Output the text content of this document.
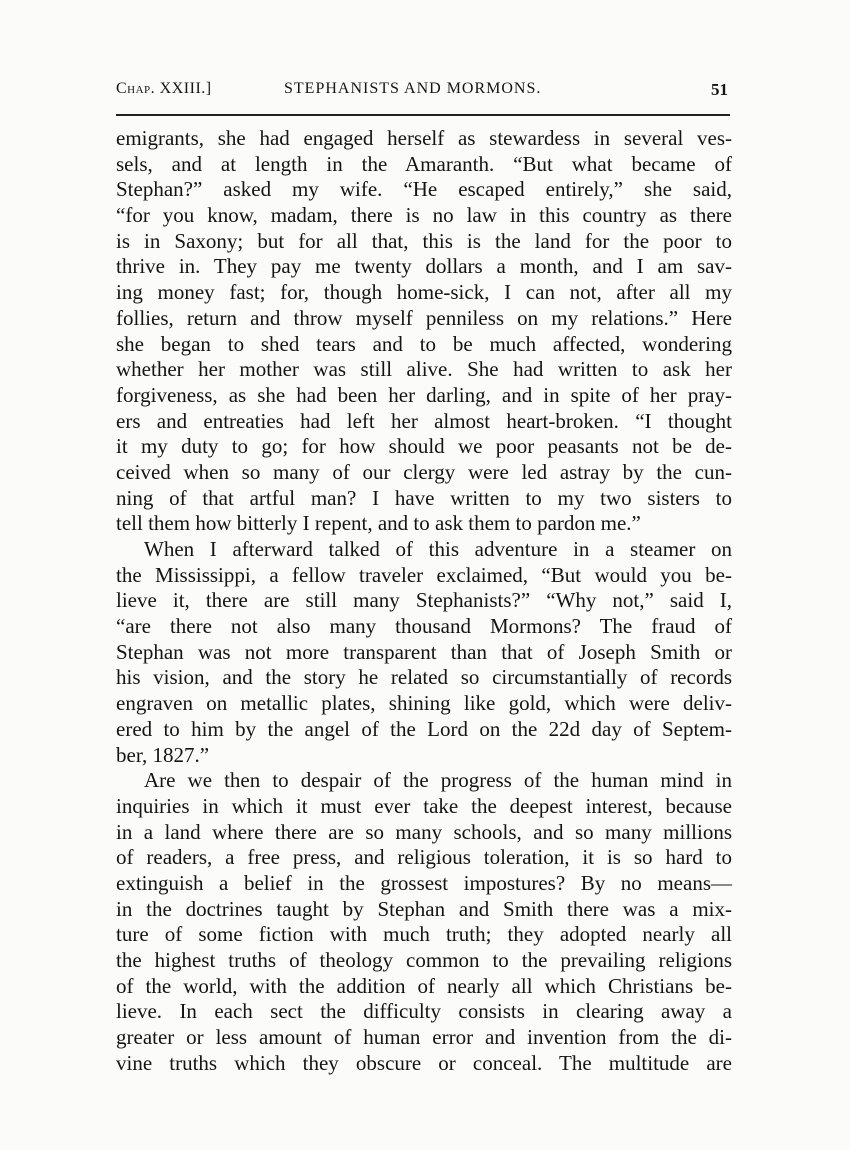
Chap. XXIII.]	STEPHANISTS AND MORMONS.	51
emigrants, she had engaged herself as stewardess in several ves-
sels, and at length in the Amaranth. “But what became of
Stephan?” asked my wife. “He escaped entirely,” she said,
“for you know, madam, there is no law in this country as there
is in Saxony; but for all that, this is the land for the poor to
thrive in. They pay me twenty dollars a month, and I am sav-
ing money fast; for, though home-sick, I can not, after all my
follies, return and throw myself penniless on my relations.” Here
she began to shed tears and to be much affected, wondering
whether her mother was still alive. She had written to ask her
forgiveness, as she had been her darling, and in spite of her pray-
ers and entreaties had left her almost heart-broken. “I thought
it my duty to go; for how should we poor peasants not be de-
ceived when so many of our clergy were led astray by the cun-
ning of that artful man? I have written to my two sisters to
tell them how bitterly I repent, and to ask them to pardon me.”
When I afterward talked of this adventure in a steamer on
the Mississippi, a fellow traveler exclaimed, “But would you be-
lieve it, there are still many Stephanists?” “Why not,” said I,
“are there not also many thousand Mormons? The fraud of
Stephan was not more transparent than that of Joseph Smith or
his vision, and the story he related so circumstantially of records
engraven on metallic plates, shining like gold, which were deliv-
ered to him by the angel of the Lord on the 22d day of Septem-
ber, 1827.”
Are we then to despair of the progress of the human mind in
inquiries in which it must ever take the deepest interest, because
in a land where there are so many schools, and so many millions
of readers, a free press, and religious toleration, it is so hard to
extinguish a belief in the grossest impostures? By no means—
in the doctrines taught by Stephan and Smith there was a mix-
ture of some fiction with much truth; they adopted nearly all
the highest truths of theology common to the prevailing religions
of the world, with the addition of nearly all which Christians be-
lieve. In each sect the difficulty consists in clearing away a
greater or less amount of human error and invention from the di-
vine truths which they obscure or conceal. The multitude are
